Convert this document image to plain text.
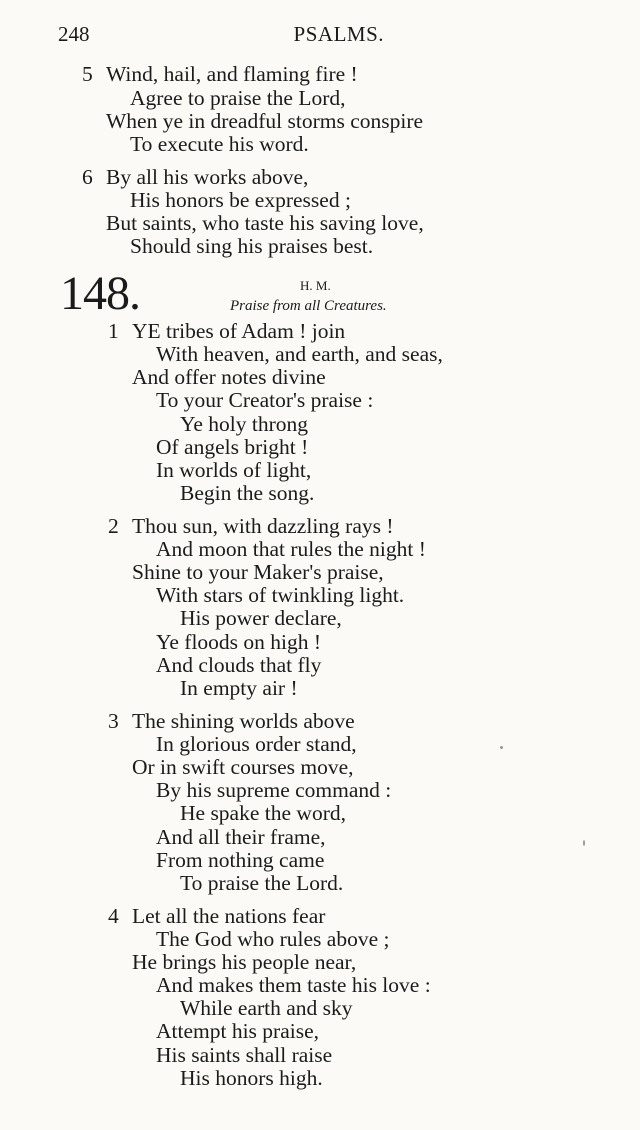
248	PSALMS.
5 Wind, hail, and flaming fire !
Agree to praise the Lord,
When ye in dreadful storms conspire
To execute his word.
6 By all his works above,
His honors be expressed ;
But saints, who taste his saving love,
Should sing his praises best.
148.	H. M.
Praise from all Creatures.
1 YE tribes of Adam ! join
With heaven, and earth, and seas,
And offer notes divine
To your Creator's praise :
Ye holy throng
Of angels bright !
In worlds of light,
Begin the song.
2 Thou sun, with dazzling rays !
And moon that rules the night !
Shine to your Maker's praise,
With stars of twinkling light.
His power declare,
Ye floods on high !
And clouds that fly
In empty air !
3 The shining worlds above
In glorious order stand,
Or in swift courses move,
By his supreme command :
He spake the word,
And all their frame,
From nothing came
To praise the Lord.
4 Let all the nations fear
The God who rules above ;
He brings his people near,
And makes them taste his love :
While earth and sky
Attempt his praise,
His saints shall raise
His honors high.
